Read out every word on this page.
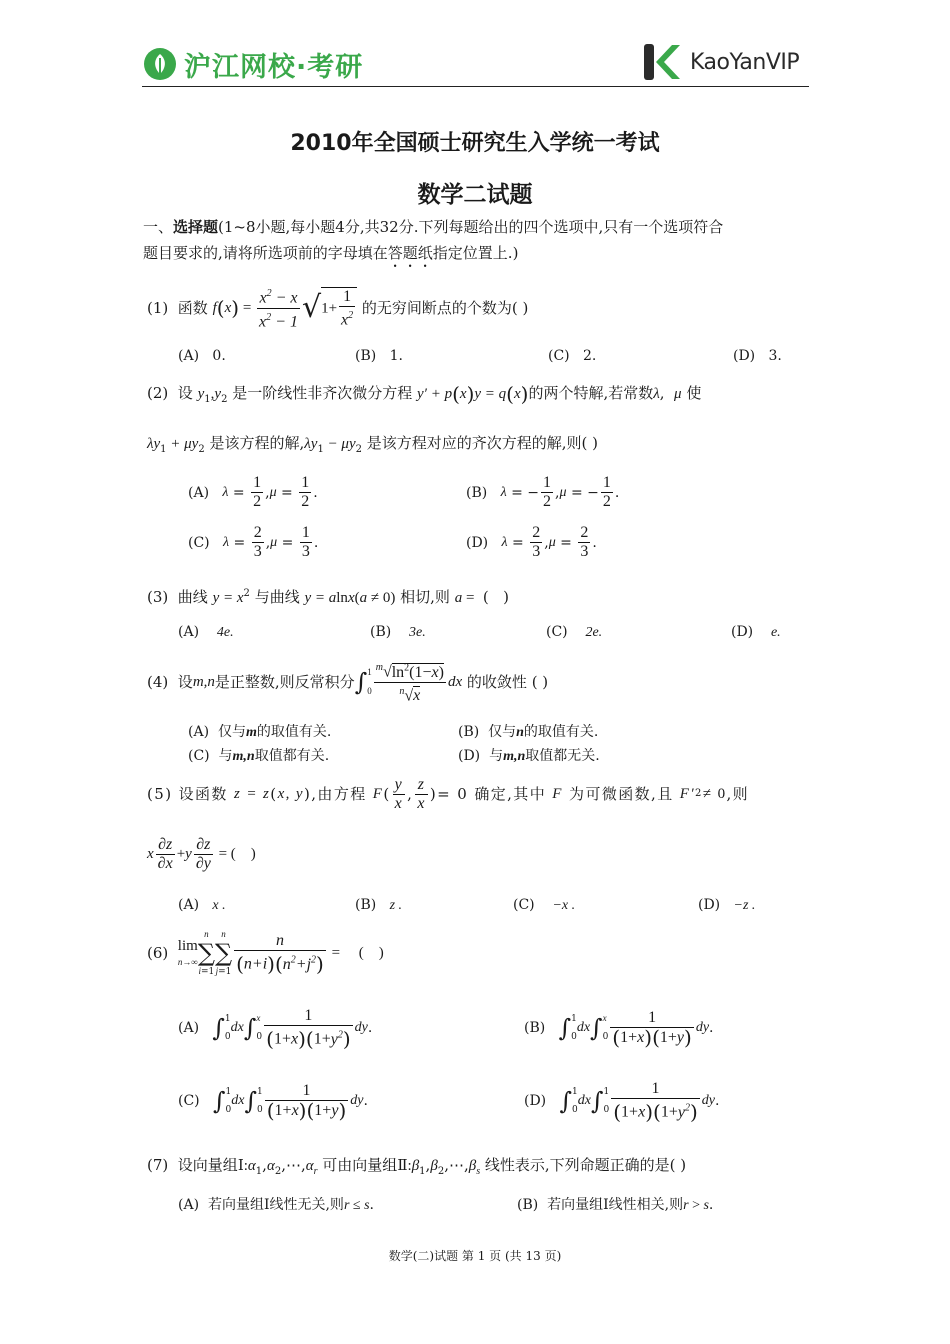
沪江网校·考研	KaoYanVIP
2010年全国硕士研究生入学统一考试
数学二试题
一、选择题(1~8小题,每小题4分,共32分.下列每题给出的四个选项中,只有一个选项符合
题目要求的,请将所选项前的字母填在答题纸指定位置上.)
(1)
函数
f ( x ) = $\frac{x^2 - x}{x^2 - 1}$ √ $1+ \frac{1}{x^2}$
的无穷间断点的个数为( )
(A) 0.	(B) 1.	(C) 2.	(D) 3.
(2) 设 $y_1,y_2$ 是一阶线性非齐次微分方程 y′ + p(x)y = q(x)的两个特解,若常数λ,  μ 使
$\lambda y_1 + \mu y_2$ 是该方程的解$,\lambda y_1 - \mu y_2$ 是该方程对应的齐次方程的解,则( )
(A)
$\lambda = \frac{1}{2}$ , $\mu = \frac{1}{2}$ .	(B)
λ = − $\frac{1}{2}$ , μ = − $\frac{1}{2}$ .
(C)
$\lambda = \frac{2}{3}$ , $\mu = \frac{1}{3}$ .	(D)
$\lambda = \frac{2}{3}$ , $\mu = \frac{2}{3}$ .
(3) 曲线 $y = x^2$ 与曲线 y = alnx(a ≠ 0) 相切,则 a =  (   )
(A) 4e.	(B) 3e.	(C) 2e.	(D) e.
(4)
设 m,n 是正整数,则反常积分 ∫ 1

$0 \frac{^m√\ln^2(1-x)}{^n√x}$ dx
的收敛性 ( )
(A) 仅与m的取值有关.	(B) 仅与n的取值有关.
(C) 与m,n取值都有关.	(D) 与m,n取值都无关.
(5)
设函数
z = z ( x, y ) ,由方程
F ( $\frac{y}{x}$ , $\frac{z}{x}$ )= 0 确定,其中
F
为可微函数,且
F′ 2 ≠ 0 ,则
x $\frac{\partial z}{\partial x} + y \frac{\partial z}{\partial y}$ = (    )
(A) x .	(B) z .	(C) −x .	(D) −z .
(6)
lim
n→∞
n
∑
i=1
n
∑
$j=1 \frac{n}{(n+i)(n^2+j^2)}$ =     (    )
(A)
∫ 1

0
dx ∫ x

$0 \frac{1}{(1+x)(1+y^2)}$ dy .	(B)
∫ 1

0
dx ∫ x

$0 \frac{1}{(1+x)(1+y)}$ dy .
(C)
∫ 1

0
dx ∫ 1

$0 \frac{1}{(1+x)(1+y)}$ dy .	(D)
∫ 1

0
dx ∫ 1

$0 \frac{1}{(1+x)(1+y^2)}$ dy .
(7) 设向量组$Ⅰ:\alpha_1,\alpha_2,\cdots,\alpha_r$ 可由向量组$Ⅱ:\beta_1,\beta_2,\cdots,\beta_s$ 线性表示,下列命题正确的是( )
(A) 若向量组Ⅰ线性无关,则r ≤ s.	(B) 若向量组Ⅰ线性相关,则r > s.
数学(二)试题 第 1 页 (共 13 页)
